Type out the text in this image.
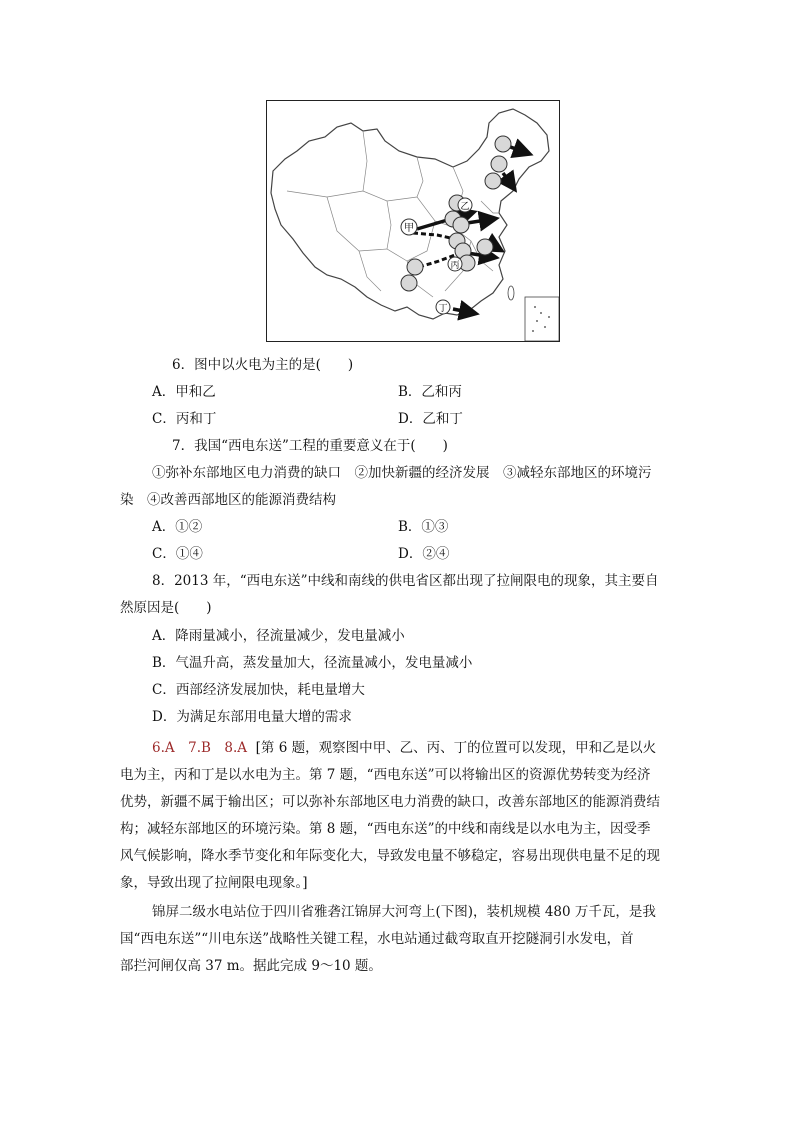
甲
乙
丙
丁
6．图中以火电为主的是(　　)
A．甲和乙	B．乙和丙
C．丙和丁	D．乙和丁
7．我国“西电东送”工程的重要意义在于(　　)
①弥补东部地区电力消费的缺口　②加快新疆的经济发展　③减轻东部地区的环境污
染　④改善西部地区的能源消费结构
A．①②	B．①③
C．①④	D．②④
8．2013 年，“西电东送”中线和南线的供电省区都出现了拉闸限电的现象，其主要自
然原因是(　　)
A．降雨量减小，径流量减少，发电量减小
B．气温升高，蒸发量加大，径流量减小，发电量减小
C．西部经济发展加快，耗电量增大
D．为满足东部用电量大增的需求
6.A　7.B　8.A [第 6 题，观察图中甲、乙、丙、丁的位置可以发现，甲和乙是以火
电为主，丙和丁是以水电为主。第 7 题，“西电东送”可以将输出区的资源优势转变为经济
优势，新疆不属于输出区；可以弥补东部地区电力消费的缺口，改善东部地区的能源消费结
构；减轻东部地区的环境污染。第 8 题，“西电东送”的中线和南线是以水电为主，因受季
风气候影响，降水季节变化和年际变化大，导致发电量不够稳定，容易出现供电量不足的现
象，导致出现了拉闸限电现象。]
锦屏二级水电站位于四川省雅砻江锦屏大河弯上(下图)，装机规模 480 万千瓦，是我
国“西电东送”“川电东送”战略性关键工程，水电站通过截弯取直开挖隧洞引水发电，首
部拦河闸仅高 37 m。据此完成 9～10 题。
